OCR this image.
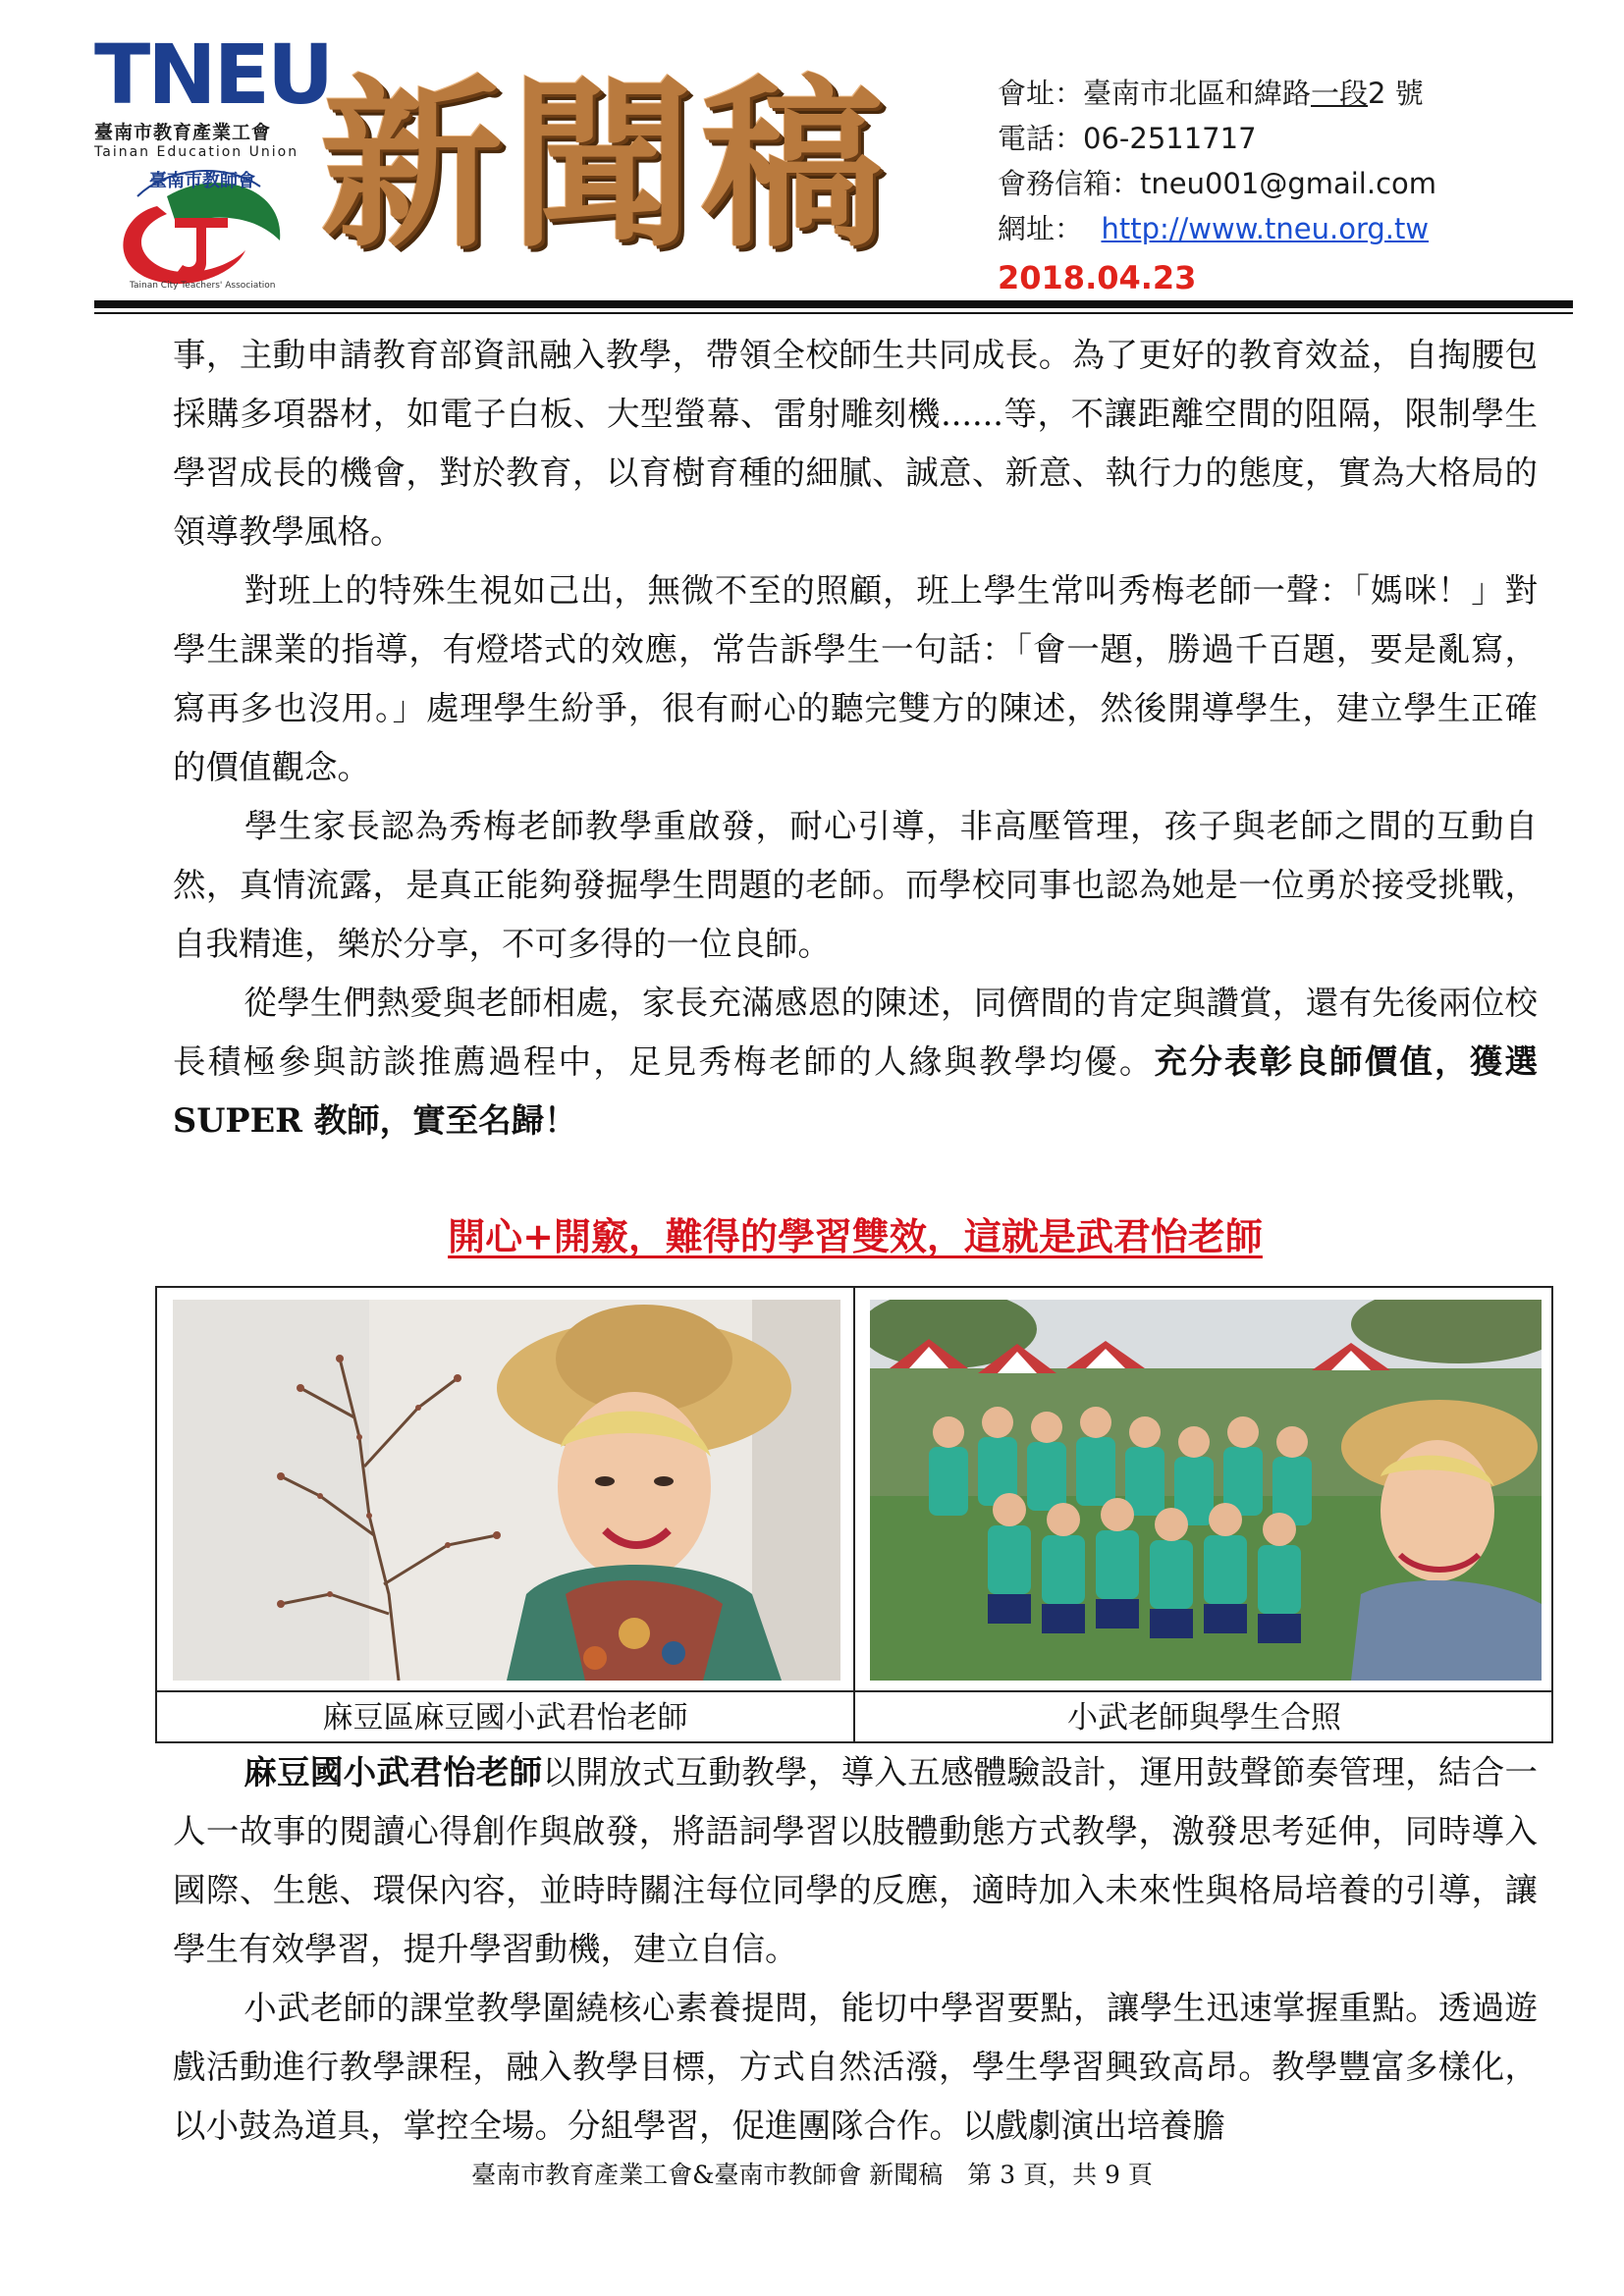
TNEU
臺南市教育產業工會
Tainan Education Union
臺南市教師會
Tainan City Teachers' Association
新聞稿	會址：臺南市北區和緯路一段2 號
電話：06-2511717
會務信箱：tneu001@gmail.com
網址： http://www.tneu.org.tw
2018.04.23
事，主動申請教育部資訊融入教學，帶領全校師生共同成長。為了更好的教育效益，自掏腰包採購多項器材，如電子白板、大型螢幕、雷射雕刻機......等，不讓距離空間的阻隔，限制學生學習成長的機會，對於教育，以育樹育種的細膩、誠意、新意、執行力的態度，實為大格局的領導教學風格。
對班上的特殊生視如己出，無微不至的照顧，班上學生常叫秀梅老師一聲：「媽咪！」對學生課業的指導，有燈塔式的效應，常告訴學生一句話：「會一題，勝過千百題，要是亂寫，寫再多也沒用。」處理學生紛爭，很有耐心的聽完雙方的陳述，然後開導學生，建立學生正確的價值觀念。
學生家長認為秀梅老師教學重啟發，耐心引導，非高壓管理，孩子與老師之間的互動自然，真情流露，是真正能夠發掘學生問題的老師。而學校同事也認為她是一位勇於接受挑戰，自我精進，樂於分享，不可多得的一位良師。
從學生們熱愛與老師相處，家長充滿感恩的陳述，同儕間的肯定與讚賞，還有先後兩位校長積極參與訪談推薦過程中，足見秀梅老師的人緣與教學均優。充分表彰良師價值，獲選 SUPER 教師，實至名歸！
開心+開竅，難得的學習雙效，這就是武君怡老師
麻豆區麻豆國小武君怡老師	小武老師與學生合照
麻豆國小武君怡老師以開放式互動教學，導入五感體驗設計，運用鼓聲節奏管理，結合一人一故事的閱讀心得創作與啟發，將語詞學習以肢體動態方式教學，激發思考延伸，同時導入國際、生態、環保內容，並時時關注每位同學的反應，適時加入未來性與格局培養的引導，讓學生有效學習，提升學習動機，建立自信。
小武老師的課堂教學圍繞核心素養提問，能切中學習要點，讓學生迅速掌握重點。透過遊戲活動進行教學課程，融入教學目標，方式自然活潑，學生學習興致高昂。教學豐富多樣化，以小鼓為道具，掌控全場。分組學習，促進團隊合作。以戲劇演出培養膽
臺南市教育產業工會&臺南市教師會 新聞稿　第 3 頁，共 9 頁
